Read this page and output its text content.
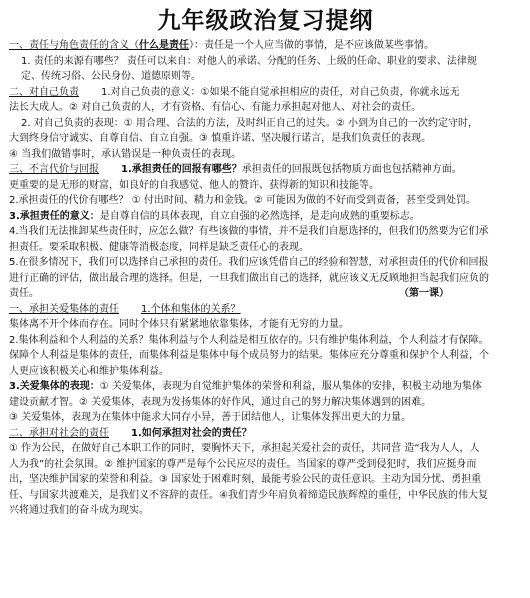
九年级政治复习提纲

一、责任与角色责任的含义（什么是责任）：责任是一个人应当做的事情，是不应该做某些事情。

1. 责任的来源有哪些？ 责任可以来自：对他人的承诺、分配的任务、上级的任命、职业的要求、法律规

定、传统习俗、公民身份、道德原则等。

二、对自己负责 1.对自己负责的意义：①如果不能自觉承担相应的责任，对自己负责，你就永远无

法长大成人。② 对自己负责的人，才有资格、有信心、有能力承担起对他人、对社会的责任。

2. 对自己负责的表现：① 用合理、合法的方法，及时纠正自己的过失。② 小到为自己的一次约定守时，

大到终身信守诚实、自尊自信、自立自强。③ 慎重许诺、坚决履行诺言，是我们负责任的表现。

④ 当我们做错事时，承认错误是一种负责任的表现。

三、不言代价与回报 1.承担责任的回报有哪些？承担责任的回报既包括物质方面也包括精神方面。

更重要的是无形的财富，如良好的自我感觉、他人的赞许、获得新的知识和技能等。

2.承担责任的代价有哪些？ ① 付出时间、精力和金钱。② 可能因为做的不好而受到责备，甚至受到处罚。

3.承担责任的意义：是自尊自信的具体表现，自立自强的必然选择，是走向成熟的重要标志。

4.当我们无法推卸某些责任时，应怎么做？有些该做的事情，并不是我们自愿选择的，但我们仍然要为它们承

担责任。要采取积极、健康等消极态度，同样是缺乏责任心的表现。

5.在很多情况下，我们可以选择自己承担的责任。我们应该凭借自己的经验和智慧，对承担责任的代价和回报

进行正确的评估，做出最合理的选择。但是，一旦我们做出自己的选择，就应该义无反顾地担当起我们应负的

责任。	（第一课）

一、承担关爱集体的责任 1.个体和集体的关系？

集体离不开个体而存在。同时个体只有紧紧地依靠集体，才能有无穷的力量。

2.集体利益和个人利益的关系？集体利益与个人利益是相互依存的。只有维护集体利益，个人利益才有保障。

保障个人利益是集体的责任，而集体利益是集体中每个成员努力的结果。集体应充分尊重和保护个人利益，个

人更应该积极关心和维护集体利益。

3.关爱集体的表现：① 关爱集体，表现为自觉维护集体的荣誉和利益，服从集体的安排，积极主动地为集体

建设贡献才智。② 关爱集体，表现为发扬集体的好作风，通过自己的努力解决集体遇到的困难。

③ 关爱集体，表现为在集体中能求大同存小异，善于团结他人，让集体发挥出更大的力量。

二、承担对社会的责任 1.如何承担对社会的责任？

① 作为公民，在做好自己本职工作的同时，要胸怀天下，承担起关爱社会的责任，共同营 造“我为人人，人

人为我”的社会氛围。② 维护国家的尊严是每个公民应尽的责任。当国家的尊严受到侵犯时，我们应挺身而

出，坚决维护国家的荣誉和利益。③ 国家处于困难时刻，最能考验公民的责任意识。主动为国分忧、勇担重

任、与国家共渡难关，是我们义不容辞的责任。④我们青少年肩负着缔造民族辉煌的重任，中华民族的伟大复

兴将通过我们的奋斗成为现实。
